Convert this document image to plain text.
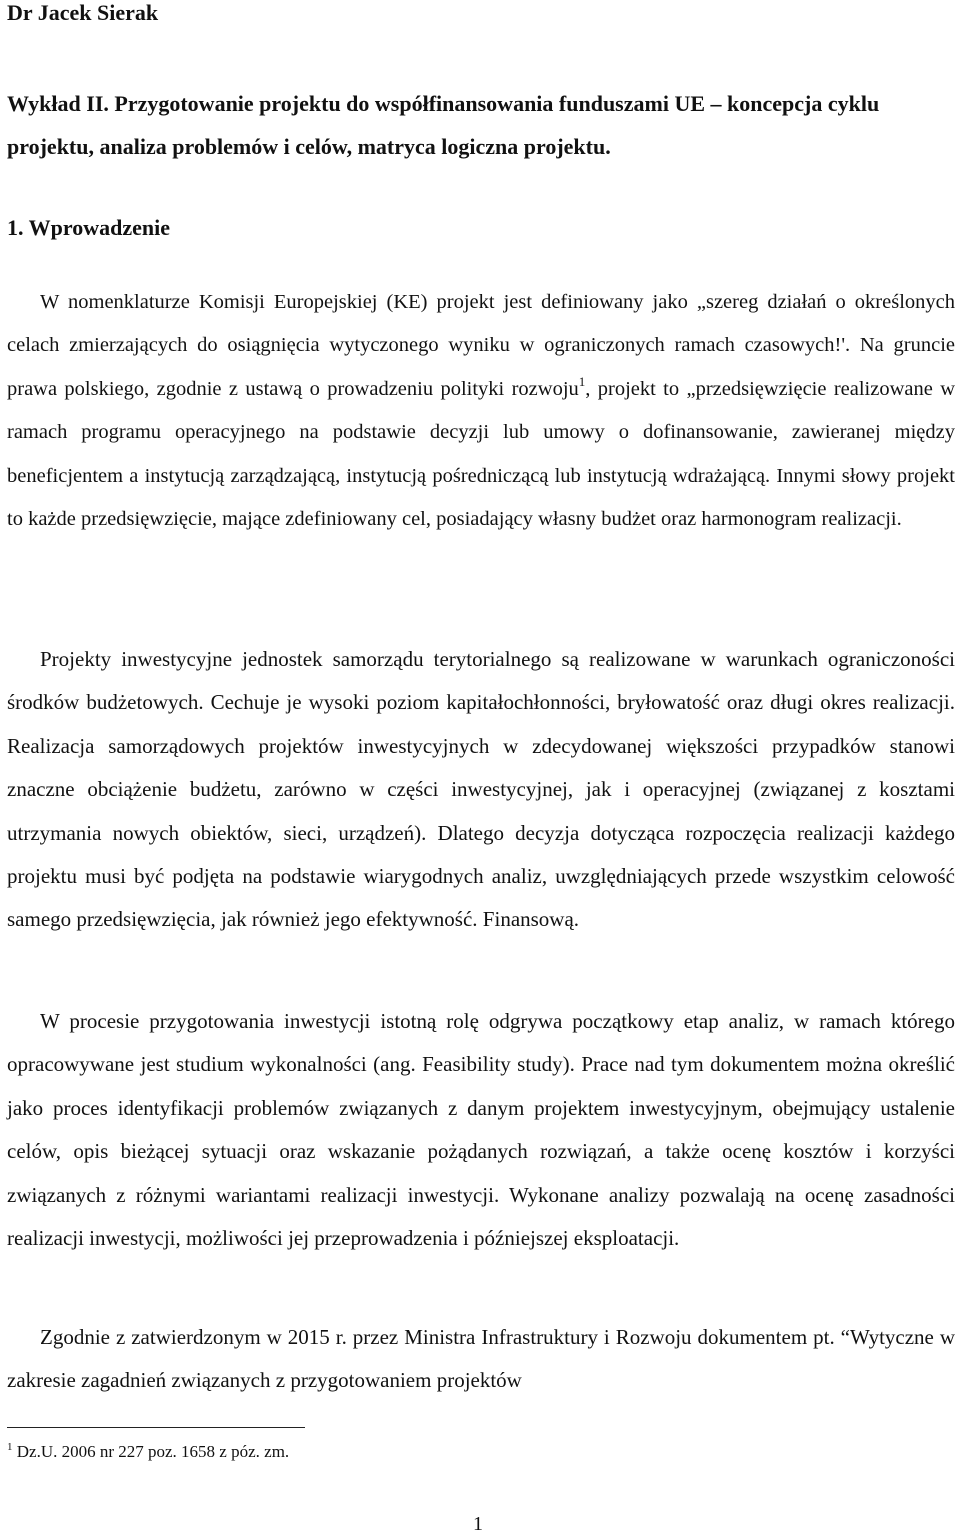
Dr Jacek Sierak

Wykład II. Przygotowanie projektu do współfinansowania funduszami UE – koncepcja cyklu projektu, analiza problemów i celów, matryca logiczna projektu.

1. Wprowadzenie

W nomenklaturze Komisji Europejskiej (KE) projekt jest definiowany jako „szereg działań o określonych celach zmierzających do osiągnięcia wytyczonego wyniku w ograniczonych ramach czasowych!'. Na gruncie prawa polskiego, zgodnie z ustawą o prowadzeniu polityki rozwoju$^1$, projekt to „przedsięwzięcie realizowane w ramach programu operacyjnego na podstawie decyzji lub umowy o dofinansowanie, zawieranej między beneficjentem a instytucją zarządzającą, instytucją pośredniczącą lub instytucją wdrażającą. Innymi słowy projekt to każde przedsięwzięcie, mające zdefiniowany cel, posiadający własny budżet oraz harmonogram realizacji.

Projekty inwestycyjne jednostek samorządu terytorialnego są realizowane w warunkach ograniczoności środków budżetowych. Cechuje je wysoki poziom kapitałochłonności, bryłowatość oraz długi okres realizacji. Realizacja samorządowych projektów inwestycyjnych w zdecydowanej większości przypadków stanowi znaczne obciążenie budżetu, zarówno w części inwestycyjnej, jak i operacyjnej (związanej z kosztami utrzymania nowych obiektów, sieci, urządzeń). Dlatego decyzja dotycząca rozpoczęcia realizacji każdego projektu musi być podjęta na podstawie wiarygodnych analiz, uwzględniających przede wszystkim celowość samego przedsięwzięcia, jak również jego efektywność. Finansową.

W procesie przygotowania inwestycji istotną rolę odgrywa początkowy etap analiz, w ramach którego opracowywane jest studium wykonalności (ang. Feasibility study). Prace nad tym dokumentem można określić jako proces identyfikacji problemów związanych z danym projektem inwestycyjnym, obejmujący ustalenie celów, opis bieżącej sytuacji oraz wskazanie pożądanych rozwiązań, a także ocenę kosztów i korzyści związanych z różnymi wariantami realizacji inwestycji. Wykonane analizy pozwalają na ocenę zasadności realizacji inwestycji, możliwości jej przeprowadzenia i późniejszej eksploatacji.

Zgodnie z zatwierdzonym w 2015 r. przez Ministra Infrastruktury i Rozwoju dokumentem pt. “Wytyczne w zakresie zagadnień związanych z przygotowaniem projektów

$^1$ Dz.U. 2006 nr 227 poz. 1658 z póz. zm.

1
